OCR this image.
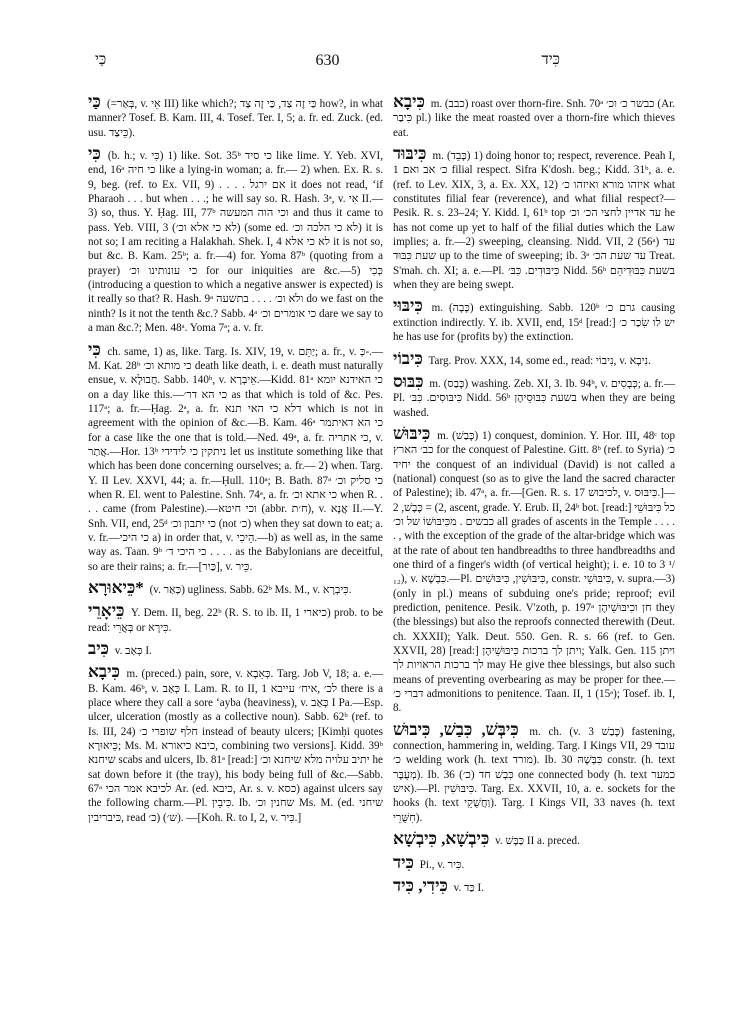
כַּי	630	כִּיד

כַּי (=בְּאַר, v. אֵי III) like which?; כַּי זֶה צַד, כַּי זֶה צַד how?, in what manner? Tosef. B. Kam. III, 4. Tosef. Ter. I, 5; a. fr. ed. Zuck. (ed. usu. כֵּיצַד).

כִּי (b. h.; v. כִּי) 1) like. Sot. 35ᵇ כי סיד like lime. Y. Yeb. XVI, end, 16ᵃ כי חיה like a lying-in woman; a. fr.— 2) when. Ex. R. s. 9, beg. (ref. to Ex. VII, 9) . . . . אם ירגל it does not read, ʻif Pharaoh . . . but when . . .; he will say so. R. Hash. 3ᵃ, v. אִי II.— 3) so, thus. Y. Ḥag. III, 77ᵇ וכי הוה המעשה and thus it came to pass. Yeb. VIII, 3 (לא כי אלא וכ׳) (some ed. לא כי הלכה וכ׳) it is not so; I am reciting a Halakhah. Shek. I, 4 לא כי אלא it is not so, but &c. B. Kam. 25ᵇ; a. fr.—4) for. Yoma 87ᵇ (quoting from a prayer) כי עונותינו וכ׳ for our iniquities are &c.—5) כְּכִי (introducing a question to which a negative answer is expected) is it really so that? R. Hash. 9ᵃ ולא וכ׳ . . . . בתשעה do we fast on the ninth? Is it not the tenth &c.? Sabb. 4ᵃ כי אומרים וכ׳ dare we say to a man &c.?; Men. 48ᵃ. Yoma 7ᵃ; a. v. fr.

כִּי ch. same, 1) as, like. Targ. Is. XIV, 19, v. יַתֵּם; a. fr., v. כְּ-.—M. Kat. 28ᵇ כי מותא וכ׳ death like death, i. e. death must naturally ensue, v. חֲבוּלָא. Sabb. 140ᵇ, v. אֵיבְרָא.—Kidd. 81ᵃ כי האידנא יומא on a day like this.—כי הא דר׳ as that which is told of &c. Pes. 117ᵃ; a. fr.—Ḥag. 2ᵃ, a. fr. דלא כי האי תנא which is not in agreement with the opinion of &c.—B. Kam. 46ᵃ כי הא דאיתמר for a case like the one that is told.—Ned. 49ᵃ, a. fr. כי אתריה, v. אֲתַר.—Hor. 13ᵇ ניתקין כי לידידי let us institute something like that which has been done concerning ourselves; a. fr.— 2) when. Targ. Y. II Lev. XXVI, 44; a. fr.—Ḥull. 110ᵃ; B. Bath. 87ᵃ כי סליק וכ׳ when R. El. went to Palestine. Snh. 74ᵃ, a. fr. כי אתא וכ׳ when R. . . . came (from Palestine).—וכי חיטא (abbr. ח׳ת), v. אֲנָא II.—Y. Snh. VII, end, 25ᵈ כי יתבון וכ׳ (not כ׳) when they sat down to eat; a. v. fr.—כי היכי a) in order that, v. הֵיכִי.—b) as well as, in the same way as. Taan. 9ᵇ כי היכי ד׳ . . . . as the Babylonians are deceitful, so are their rains; a. fr.—[כַּיִר], v. כֵּיר.

*כֵּיאוּרָא (v. כְּאַר) ugliness. Sabb. 62ᵇ Ms. M., v. כִּיבְרָא.

כֵּיאָרֵי Y. Dem. II, beg. 22ᵇ (R. S. to ib. II, 1 כיארי) prob. to be read: בְּאֲרֵי or כִּירָא.

כִּיב v. כְּאַב I.

כִּיבָא m. (preced.) pain, sore, v. כְּאֵבָא. Targ. Job V, 18; a. e.—B. Kam. 46ᵇ, v. כְּאַב I. Lam. R. to II, 1 לכ׳ ,איח׳ עייבא there is a place where they call a sore ʻayba (heaviness), v. כְּאַב I Pa.—Esp. ulcer, ulceration (mostly as a collective noun). Sabb. 62ᵇ (ref. to Is. III, 24) חלף שופרי כ׳ instead of beauty ulcers; [Kimḥi quotes כֵּיאוּרָא; Ms. M. כיבא כיאורא, combining two versions]. Kidd. 39ᵇ שיחנא scabs and ulcers, Ib. 81ᵃ [read:] יתיב עלויה מלא שיחנא וכ׳ he sat down before it (the tray), his body being full of &c.—Sabb. 67ᵃ לכיבא אמר הכי Ar. (ed. כיבא, Ar. s. v. כסא) against ulcers say the following charm.—Pl. כִּיבֵין. Ib. שחנין וכ׳ Ms. M. (ed. שיחני כּיבריבין, read כ׳) (ש׳). —[Koh. R. to I, 2, v. כִּיר.]

כִּיבָא m. (כבב) roast over thorn-fire. Snh. 70ᵃ כבשר כ׳ וכ׳ (Ar. כִּיבַר pl.) like the meat roasted over a thorn-fire which thieves eat.

כִּיבּוּד m. (כָּבֵד) 1) doing honor to; respect, reverence. Peah I, 1 כ׳ אב ואם filial respect. Sifra K'dosh. beg.; Kidd. 31ᵇ, a. e. (ref. to Lev. XIX, 3, a. Ex. XX, 12) איזהו מורא ואיזהו כ׳ what constitutes filial fear (reverence), and what filial respect?—Pesik. R. s. 23–24; Y. Kidd. I, 61ᵇ top עד אדיין לחצי הכ׳ וכ׳ he has not come up yet to half of the filial duties which the Law implies; a. fr.—2) sweeping, cleansing. Nidd. VII, 2 (56ᵃ) עד שעת כִּבּוּד up to the time of sweeping; ib. 3ᵃ עד שעת הכ׳ Treat. S'mah. ch. XI; a. e.—Pl. כִּיבּוּדִים. כִּבּ׳ Nidd. 56ᵇ בשעת כִּבּוּדִיהֵם when they are being swept.

כִּיבּוּי m. (כָּבָה) extinguishing. Sabb. 120ᵇ גרם כ׳ causing extinction indirectly. Y. ib. XVII, end, 15ᵈ [read:] יש לו שִׂכַר כ׳ he has use for (profits by) the extinction.

כִּיבוֹי Targ. Prov. XXX, 14, some ed., read: נִיבוֹי, v. נִיבָא.

כִּבּוּס m. (כָּבַס) washing. Zeb. XI, 3. Ib. 94ᵇ, v. כְּבָסִים; a. fr.—Pl. כִּיבּוּסִים. כִּבּ׳ Nidd. 56ᵇ בשעת כִּבּוּסֵיהֶן when they are being washed.

כִּיבּוּשׁ m. (כָּבַשׁ) 1) conquest, dominion. Y. Hor. III, 48ᶜ top כב׳ הארץ for the conquest of Palestine. Gitt. 8ᵇ (ref. to Syria) כ׳ יחיד the conquest of an individual (David) is not called a (national) conquest (so as to give the land the sacred character of Palestine); ib. 47ᵃ, a. fr.—[Gen. R. s. 17 לכיבוש, v. כִּיבּוּס.]—2) = כֶּבֶשׁ, 2, ascent, grade. Y. Erub. II, 24ᵇ bot. [read:] כל כִּיבּוּשֵׁי כבשים . מכִּיבּוּשׁוֹ של וכ׳ all grades of ascents in the Temple . . . . . , with the exception of the grade of the altar-bridge which was at the rate of about ten handbreadths to three handbreadths and one third of a finger's width (of vertical height); i. e. 10 to 3 ¹/₁₂), v. כִּבְשָׁא.—Pl. כִּיבּוּשִׁין, כִּיבּוּשִׁים, constr. כִּיבּוּשֵׁי, v. supra.—3) (only in pl.) means of subduing one's pride; reproof; evil prediction, penitence. Pesik. V'zoth, p. 197ᵃ חן וכִיבּוּשֵׁיהֶן they (the blessings) but also the reproofs connected therewith (Deut. ch. XXXII); Yalk. Deut. 550. Gen. R. s. 66 (ref. to Gen. XXVII, 28) [read:] ויתן לך ברכות כִּיבּוּשֵׁיהֶן; Yalk. Gen. 115 ויתן לך ברכות הראויות לך may He give thee blessings, but also such means of preventing overbearing as may be proper for thee.—דברי כ׳ admonitions to penitence. Taan. II, 1 (15ᵃ); Tosef. ib. I, 8.

כִּיבְּשׁ, כִּבַשׁ, כִּיבוּשׁ m. ch. (v. כָּבַשׁ 3) fastening, connection, hammering in, welding. Targ. I Kings VII, 29 עובד כ׳ welding work (h. text מורד). Ib. 30 כִּבְּשָׁהּ constr. (h. text מְעֻבָּר). Ib. 36 כִּבְשׁ חד (כ׳) one connected body (h. text כמער איש).—Pl. כִּיבּוּשִׁין. Targ. Ex. XXVII, 10, a. e. sockets for the hooks (h. text וַחֲשֻׁקֵי). Targ. I Kings VII, 33 naves (h. text חִשֻּׁרֵי).

כִּיבְשָׁא, כִּיבְשָׁא v. כַּבָּשׁ II a. preced.

כִּיד Pi., v. כִּיר.

כִּידִי, כִּיד v. כַּד I.
